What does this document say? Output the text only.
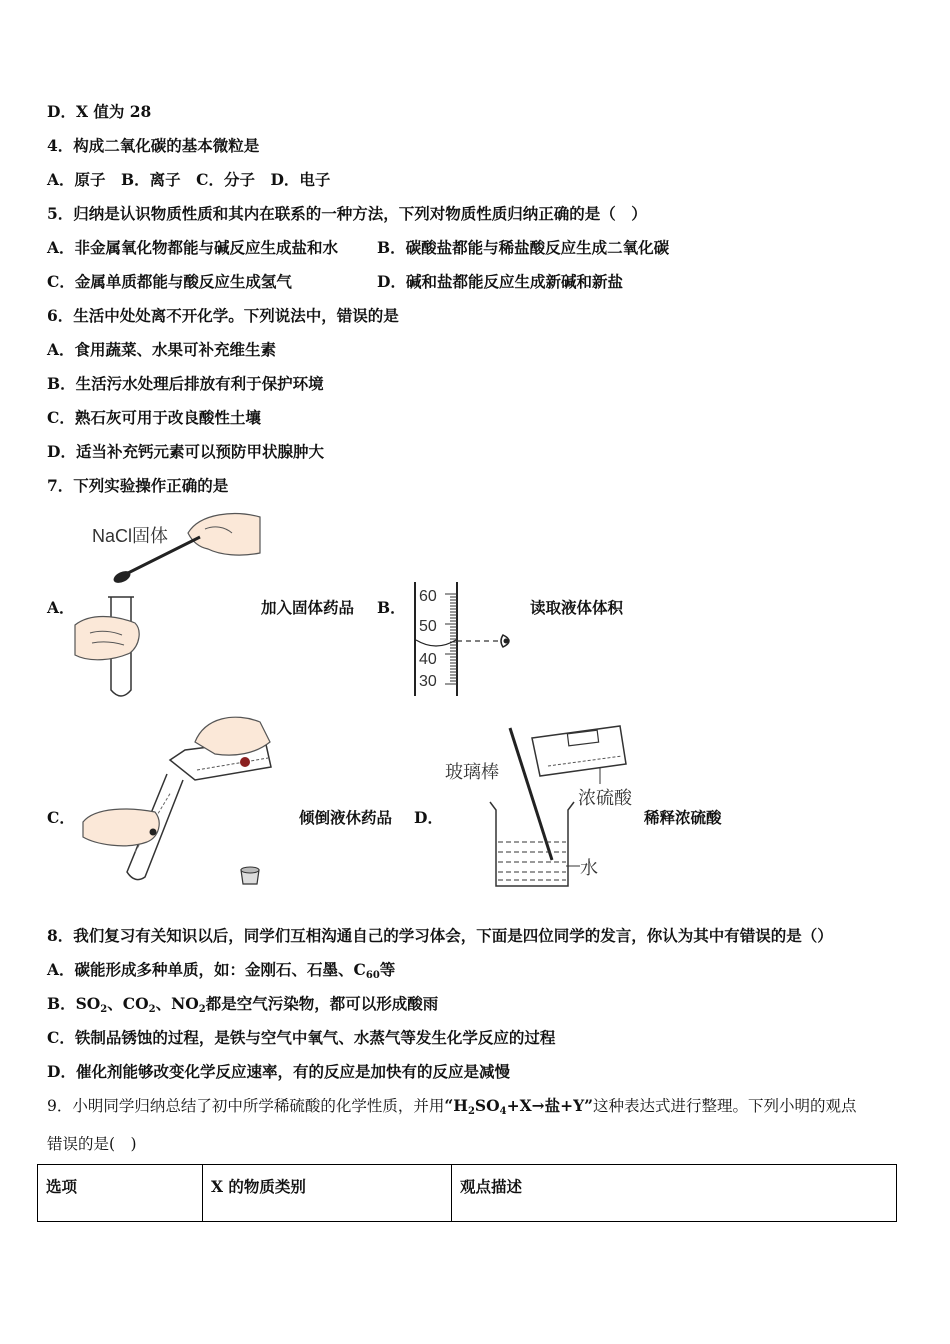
D．X 值为 28
4．构成二氧化碳的基本微粒是
A．原子　B．离子　C．分子　D．电子
5．归纳是认识物质性质和其内在联系的一种方法，下列对物质性质归纳正确的是（　）
A．非金属氧化物都能与碱反应生成盐和水	B．碳酸盐都能与稀盐酸反应生成二氧化碳
C．金属单质都能与酸反应生成氢气	D．碱和盐都能反应生成新碱和新盐
6．生活中处处离不开化学。下列说法中，错误的是
A．食用蔬菜、水果可补充维生素
B．生活污水处理后排放有利于保护环境
C．熟石灰可用于改良酸性土壤
D．适当补充钙元素可以预防甲状腺肿大
7．下列实验操作正确的是
A．	加入固体药品 B．	读取液体体积
C．	倾倒液休药品 D．	稀释浓硫酸
NaCl固体
60
50
40
30
玻璃棒
浓硫酸
水
8．我们复习有关知识以后，同学们互相沟通自己的学习体会，下面是四位同学的发言，你认为其中有错误的是（）
A．碳能形成多种单质，如：金刚石、石墨、$C_{60}$等
B．$SO_2$、$CO_2$、$NO_2$都是空气污染物，都可以形成酸雨
C．铁制品锈蚀的过程，是铁与空气中氧气、水蒸气等发生化学反应的过程
D．催化剂能够改变化学反应速率，有的反应是加快有的反应是减慢
9．小明同学归纳总结了初中所学稀硫酸的化学性质，并用“$H_2SO_4+X\to$盐+Y”这种表达式进行整理。下列小明的观点
错误的是(　)
选项	X 的物质类别	观点描述
